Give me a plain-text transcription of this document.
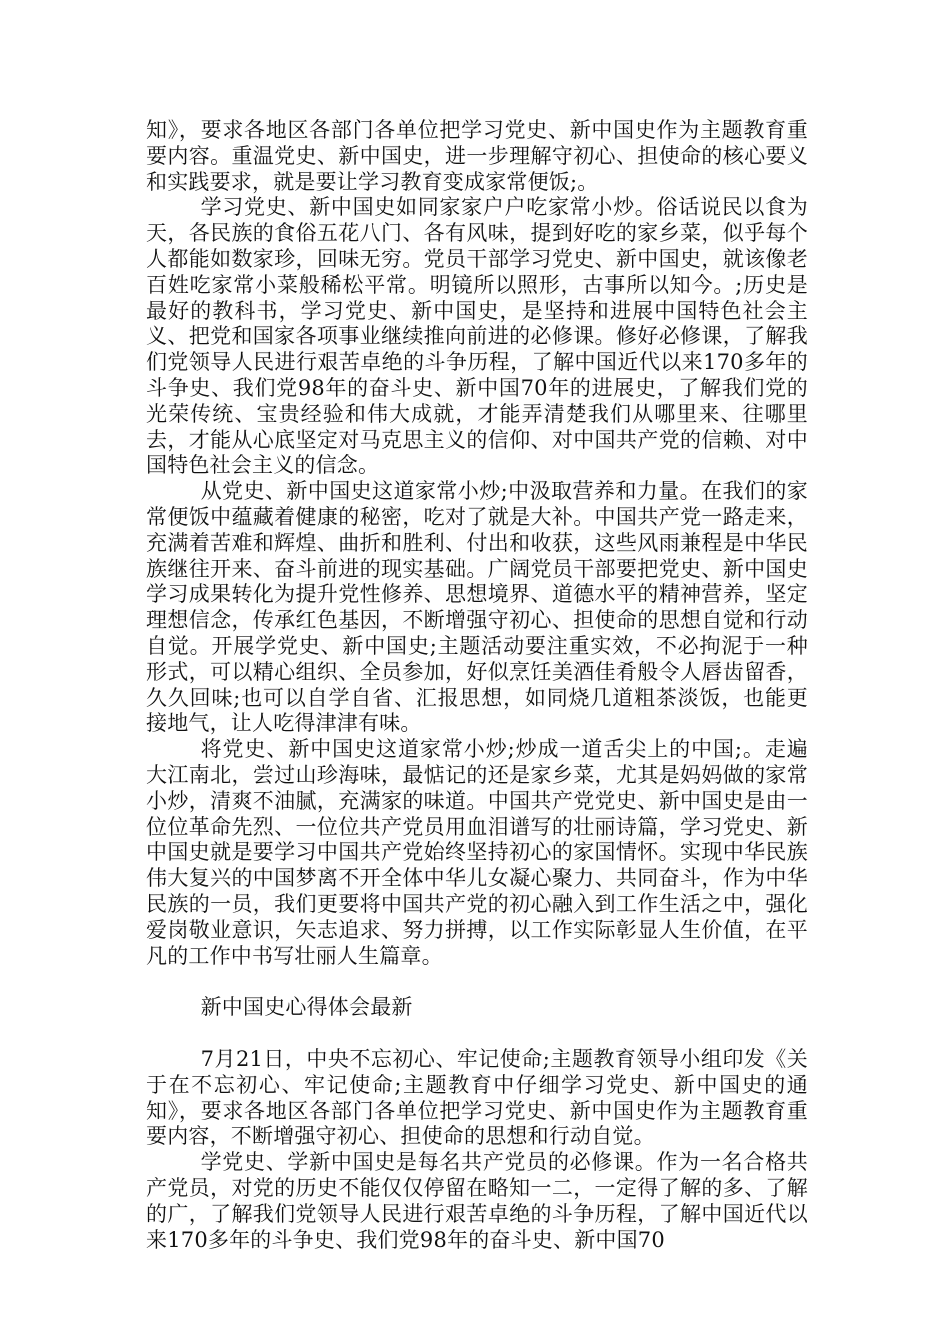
知》，要求各地区各部门各单位把学习党史、新中国史作为主题教育重要内容。重温党史、新中国史，进一步理解守初心、担使命的核心要义和实践要求，就是要让学习教育变成家常便饭;。

学习党史、新中国史如同家家户户吃家常小炒。俗话说民以食为天，各民族的食俗五花八门、各有风味，提到好吃的家乡菜，似乎每个人都能如数家珍，回味无穷。党员干部学习党史、新中国史，就该像老百姓吃家常小菜般稀松平常。明镜所以照形，古事所以知今。;历史是最好的教科书，学习党史、新中国史，是坚持和进展中国特色社会主义、把党和国家各项事业继续推向前进的必修课。修好必修课，了解我们党领导人民进行艰苦卓绝的斗争历程，了解中国近代以来170多年的斗争史、我们党98年的奋斗史、新中国70年的进展史，了解我们党的光荣传统、宝贵经验和伟大成就，才能弄清楚我们从哪里来、往哪里去，才能从心底坚定对马克思主义的信仰、对中国共产党的信赖、对中国特色社会主义的信念。

从党史、新中国史这道家常小炒;中汲取营养和力量。在我们的家常便饭中蕴藏着健康的秘密，吃对了就是大补。中国共产党一路走来，充满着苦难和辉煌、曲折和胜利、付出和收获，这些风雨兼程是中华民族继往开来、奋斗前进的现实基础。广阔党员干部要把党史、新中国史学习成果转化为提升党性修养、思想境界、道德水平的精神营养，坚定理想信念，传承红色基因，不断增强守初心、担使命的思想自觉和行动自觉。开展学党史、新中国史;主题活动要注重实效，不必拘泥于一种形式，可以精心组织、全员参加，好似烹饪美酒佳肴般令人唇齿留香，久久回味;也可以自学自省、汇报思想，如同烧几道粗茶淡饭，也能更接地气，让人吃得津津有味。

将党史、新中国史这道家常小炒;炒成一道舌尖上的中国;。走遍大江南北，尝过山珍海味，最惦记的还是家乡菜，尤其是妈妈做的家常小炒，清爽不油腻，充满家的味道。中国共产党党史、新中国史是由一位位革命先烈、一位位共产党员用血泪谱写的壮丽诗篇，学习党史、新中国史就是要学习中国共产党始终坚持初心的家国情怀。实现中华民族伟大复兴的中国梦离不开全体中华儿女凝心聚力、共同奋斗，作为中华民族的一员，我们更要将中国共产党的初心融入到工作生活之中，强化爱岗敬业意识，矢志追求、努力拼搏，以工作实际彰显人生价值，在平凡的工作中书写壮丽人生篇章。

新中国史心得体会最新

7月21日，中央不忘初心、牢记使命;主题教育领导小组印发《关于在不忘初心、牢记使命;主题教育中仔细学习党史、新中国史的通知》，要求各地区各部门各单位把学习党史、新中国史作为主题教育重要内容，不断增强守初心、担使命的思想和行动自觉。

学党史、学新中国史是每名共产党员的必修课。作为一名合格共产党员，对党的历史不能仅仅停留在略知一二，一定得了解的多、了解的广，了解我们党领导人民进行艰苦卓绝的斗争历程，了解中国近代以来170多年的斗争史、我们党98年的奋斗史、新中国70
